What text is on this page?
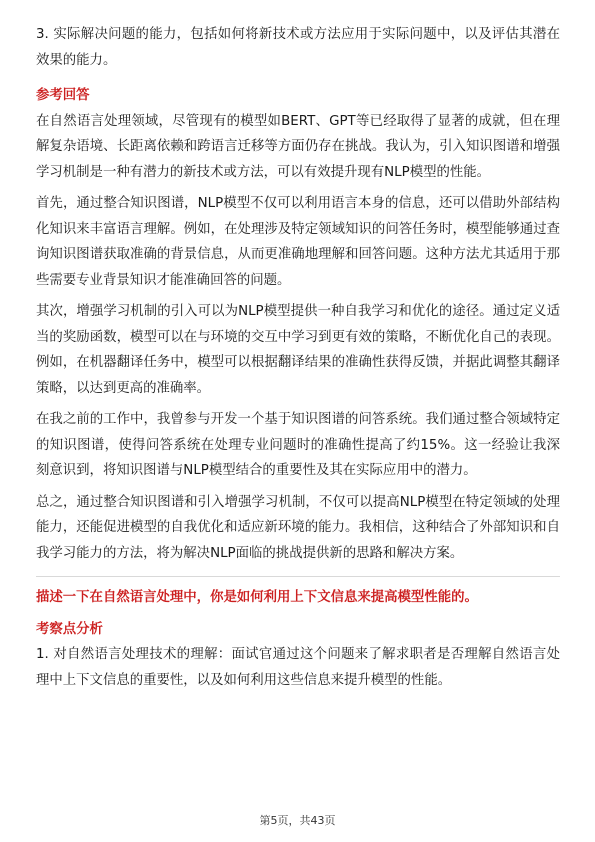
3. 实际解决问题的能力，包括如何将新技术或方法应用于实际问题中，以及评估其潜在效果的能力。

参考回答

在自然语言处理领域，尽管现有的模型如BERT、GPT等已经取得了显著的成就，但在理解复杂语境、长距离依赖和跨语言迁移等方面仍存在挑战。我认为，引入知识图谱和增强学习机制是一种有潜力的新技术或方法，可以有效提升现有NLP模型的性能。

首先，通过整合知识图谱，NLP模型不仅可以利用语言本身的信息，还可以借助外部结构化知识来丰富语言理解。例如，在处理涉及特定领域知识的问答任务时，模型能够通过查询知识图谱获取准确的背景信息，从而更准确地理解和回答问题。这种方法尤其适用于那些需要专业背景知识才能准确回答的问题。

其次，增强学习机制的引入可以为NLP模型提供一种自我学习和优化的途径。通过定义适当的奖励函数，模型可以在与环境的交互中学习到更有效的策略，不断优化自己的表现。例如，在机器翻译任务中，模型可以根据翻译结果的准确性获得反馈，并据此调整其翻译策略，以达到更高的准确率。

在我之前的工作中，我曾参与开发一个基于知识图谱的问答系统。我们通过整合领域特定的知识图谱，使得问答系统在处理专业问题时的准确性提高了约15%。这一经验让我深刻意识到，将知识图谱与NLP模型结合的重要性及其在实际应用中的潜力。

总之，通过整合知识图谱和引入增强学习机制，不仅可以提高NLP模型在特定领域的处理能力，还能促进模型的自我优化和适应新环境的能力。我相信，这种结合了外部知识和自我学习能力的方法，将为解决NLP面临的挑战提供新的思路和解决方案。

描述一下在自然语言处理中，你是如何利用上下文信息来提高模型性能的。

考察点分析

1. 对自然语言处理技术的理解：面试官通过这个问题来了解求职者是否理解自然语言处理中上下文信息的重要性，以及如何利用这些信息来提升模型的性能。

第5页，共43页
